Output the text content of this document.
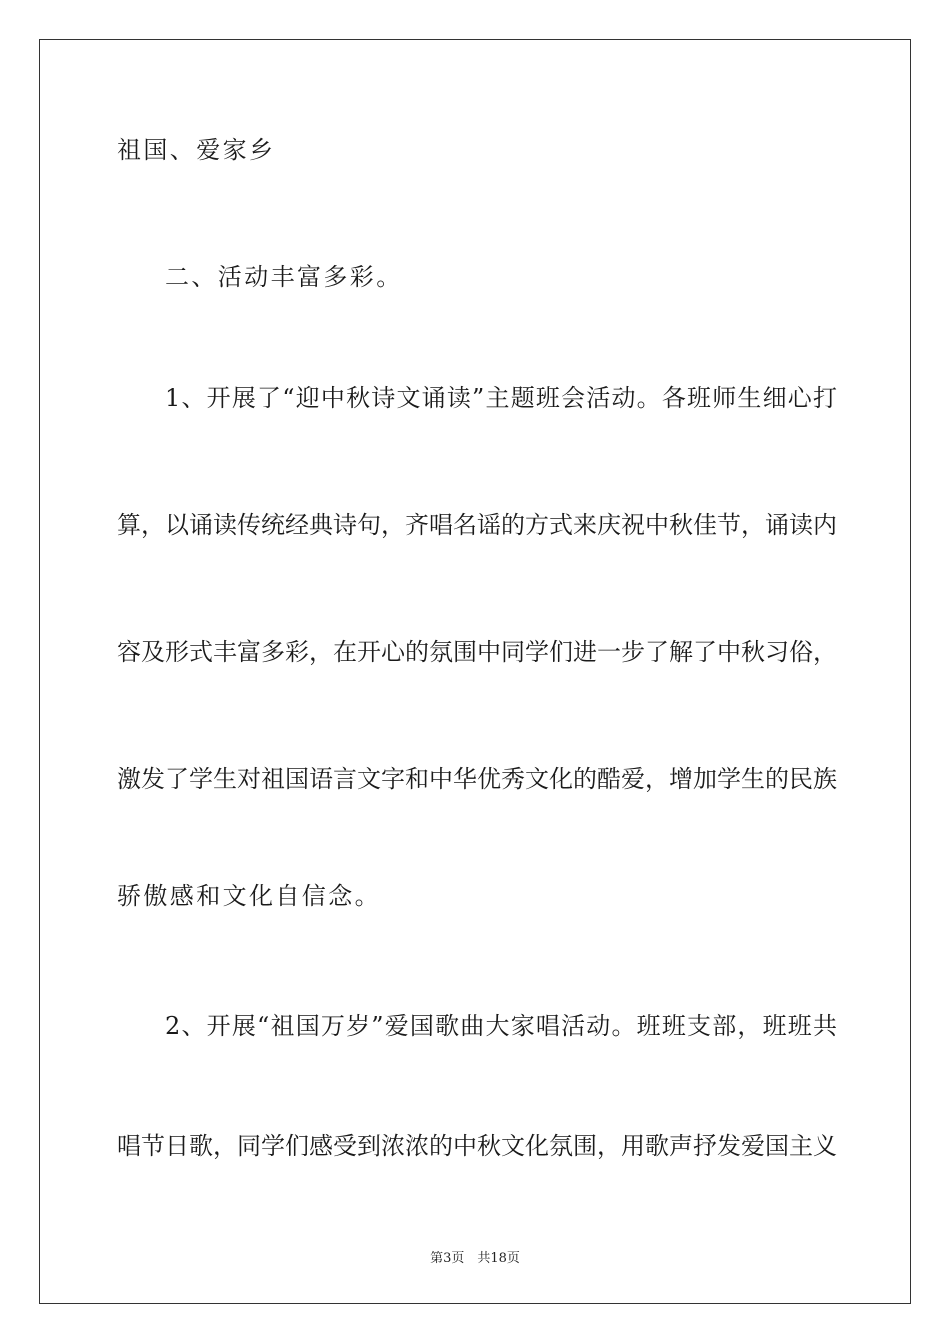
祖国、爱家乡
二、活动丰富多彩。
1、开展了“迎中秋诗文诵读”主题班会活动。各班师生细心打
算，以诵读传统经典诗句，齐唱名谣的方式来庆祝中秋佳节，诵读内
容及形式丰富多彩，在开心的氛围中同学们进一步了解了中秋习俗，
激发了学生对祖国语言文字和中华优秀文化的酷爱，增加学生的民族
骄傲感和文化自信念。
2、开展“祖国万岁”爱国歌曲大家唱活动。班班支部，班班共
唱节日歌，同学们感受到浓浓的中秋文化氛围，用歌声抒发爱国主义
第3页　共18页
